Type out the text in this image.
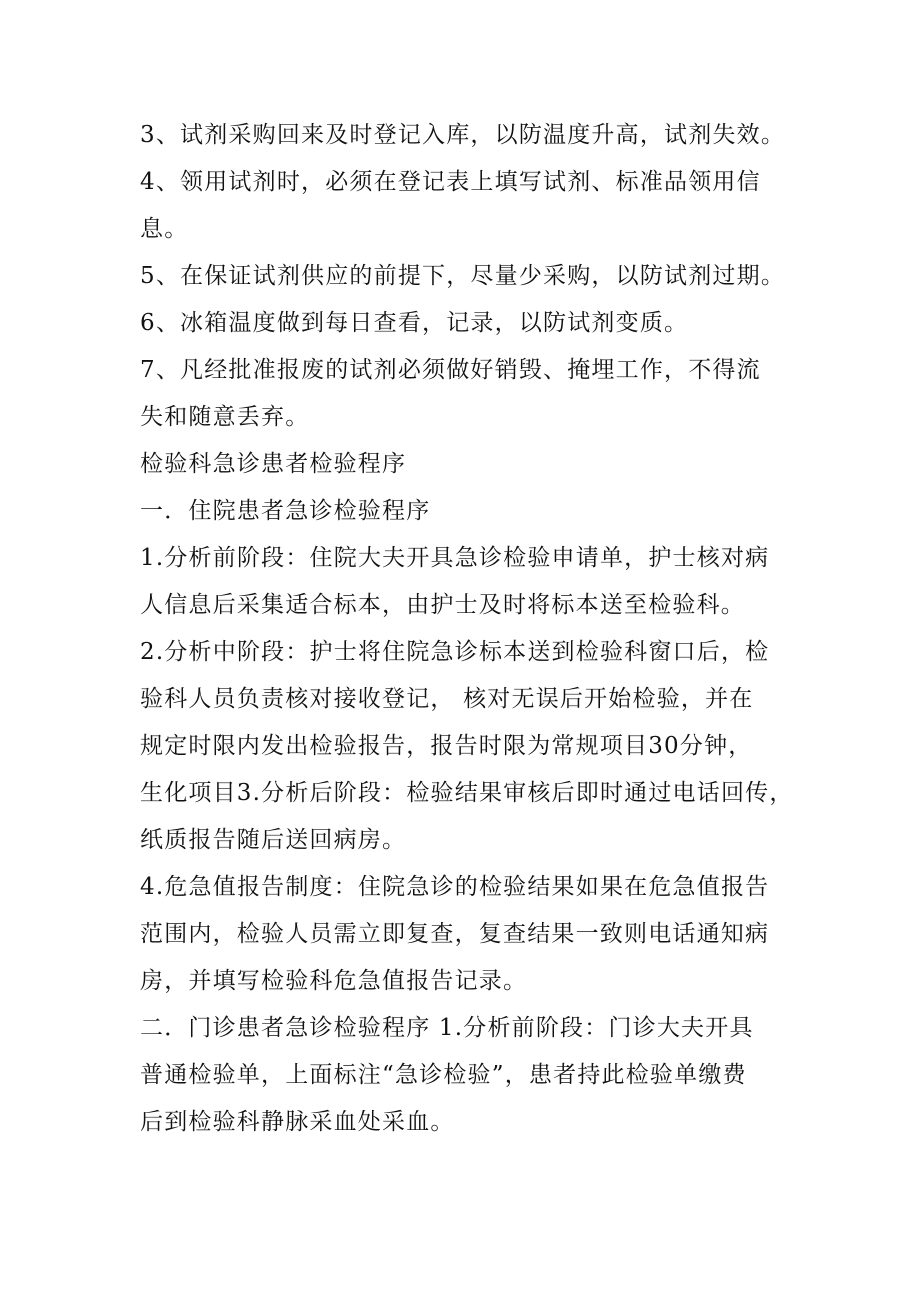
3、试剂采购回来及时登记入库，以防温度升高，试剂失效。
4、领用试剂时，必须在登记表上填写试剂、标准品领用信
息。
5、在保证试剂供应的前提下，尽量少采购，以防试剂过期。
6、冰箱温度做到每日查看，记录，以防试剂变质。
7、凡经批准报废的试剂必须做好销毁、掩埋工作，不得流
失和随意丢弃。
检验科急诊患者检验程序
一．住院患者急诊检验程序
1.分析前阶段：住院大夫开具急诊检验申请单，护士核对病
人信息后采集适合标本，由护士及时将标本送至检验科。
2.分析中阶段：护士将住院急诊标本送到检验科窗口后，检
验科人员负责核对接收登记， 核对无误后开始检验，并在
规定时限内发出检验报告，报告时限为常规项目30分钟，
生化项目3.分析后阶段：检验结果审核后即时通过电话回传，
纸质报告随后送回病房。
4.危急值报告制度：住院急诊的检验结果如果在危急值报告
范围内，检验人员需立即复查，复查结果一致则电话通知病
房，并填写检验科危急值报告记录。
二．门诊患者急诊检验程序 1.分析前阶段：门诊大夫开具
普通检验单，上面标注“急诊检验”，患者持此检验单缴费
后到检验科静脉采血处采血。
